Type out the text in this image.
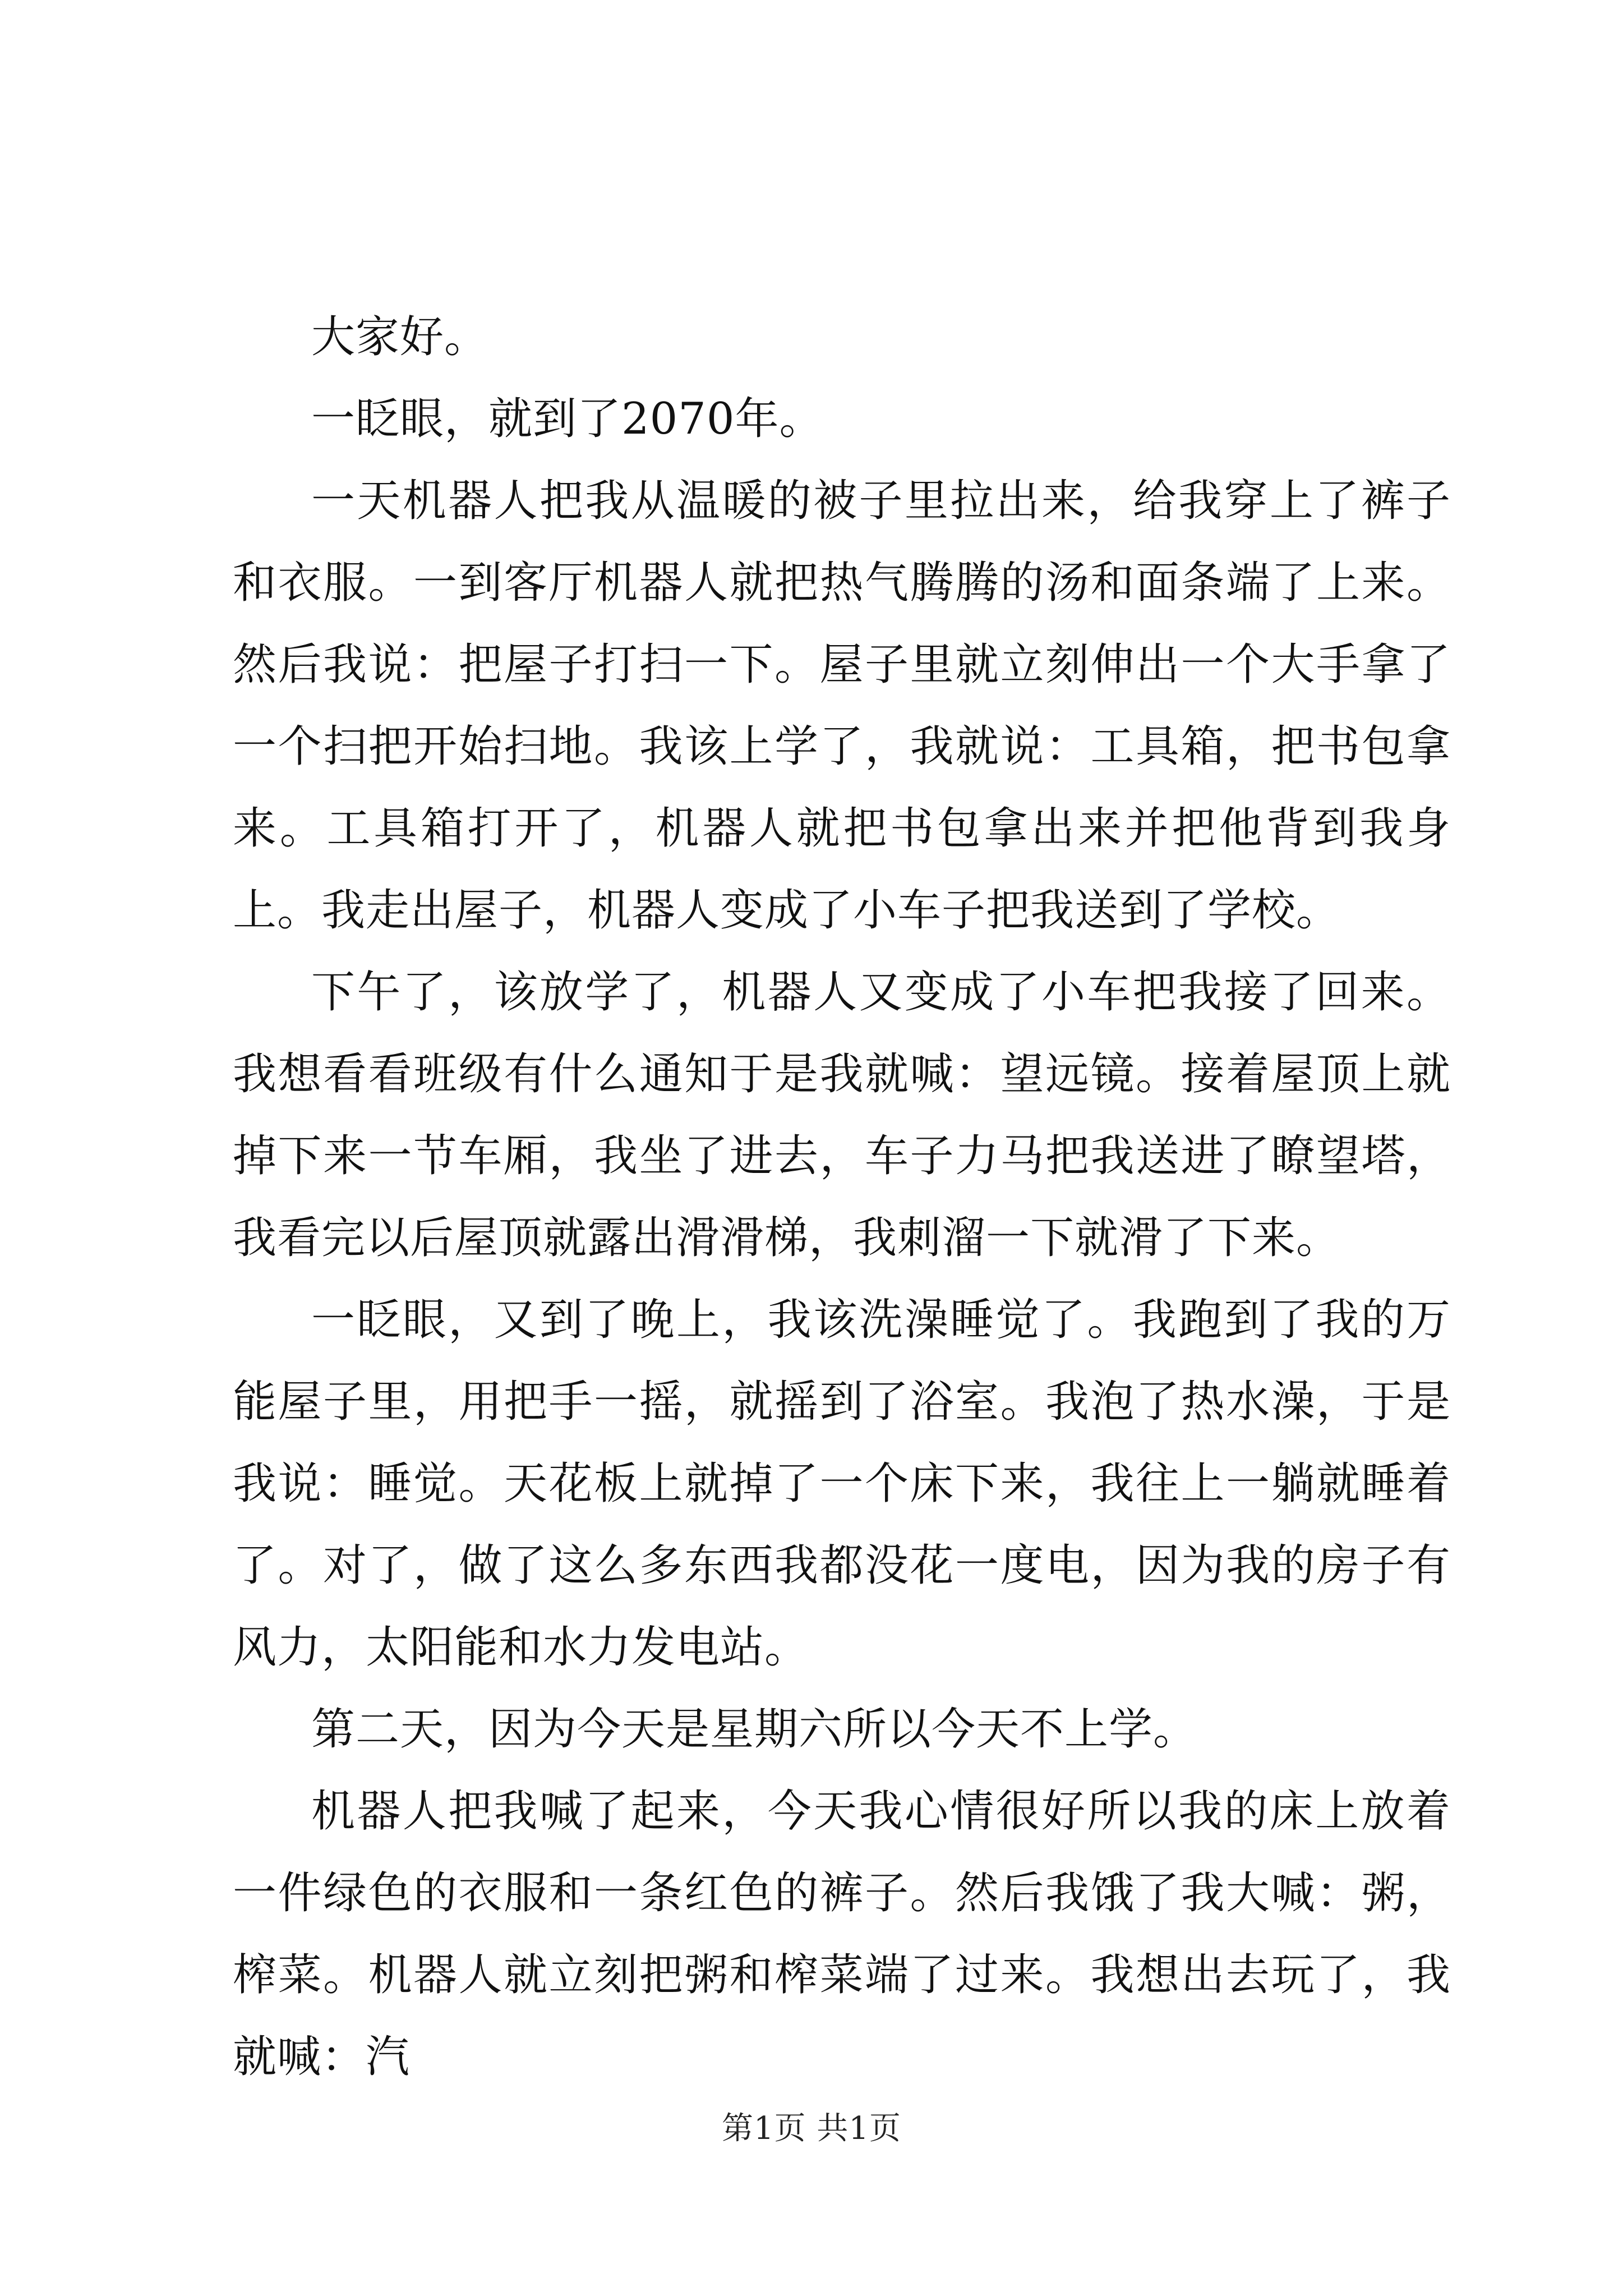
大家好。

一眨眼，就到了2070年。

一天机器人把我从温暖的被子里拉出来，给我穿上了裤子和衣服。一到客厅机器人就把热气腾腾的汤和面条端了上来。然后我说：把屋子打扫一下。屋子里就立刻伸出一个大手拿了一个扫把开始扫地。我该上学了，我就说：工具箱，把书包拿来。工具箱打开了，机器人就把书包拿出来并把他背到我身上。我走出屋子，机器人变成了小车子把我送到了学校。

下午了，该放学了，机器人又变成了小车把我接了回来。我想看看班级有什么通知于是我就喊：望远镜。接着屋顶上就掉下来一节车厢，我坐了进去，车子力马把我送进了瞭望塔，我看完以后屋顶就露出滑滑梯，我刺溜一下就滑了下来。

一眨眼，又到了晚上，我该洗澡睡觉了。我跑到了我的万能屋子里，用把手一摇，就摇到了浴室。我泡了热水澡，于是我说：睡觉。天花板上就掉了一个床下来，我往上一躺就睡着了。对了，做了这么多东西我都没花一度电，因为我的房子有风力，太阳能和水力发电站。

第二天，因为今天是星期六所以今天不上学。

机器人把我喊了起来，今天我心情很好所以我的床上放着一件绿色的衣服和一条红色的裤子。然后我饿了我大喊：粥，榨菜。机器人就立刻把粥和榨菜端了过来。我想出去玩了，我就喊：汽

第1页 共1页
